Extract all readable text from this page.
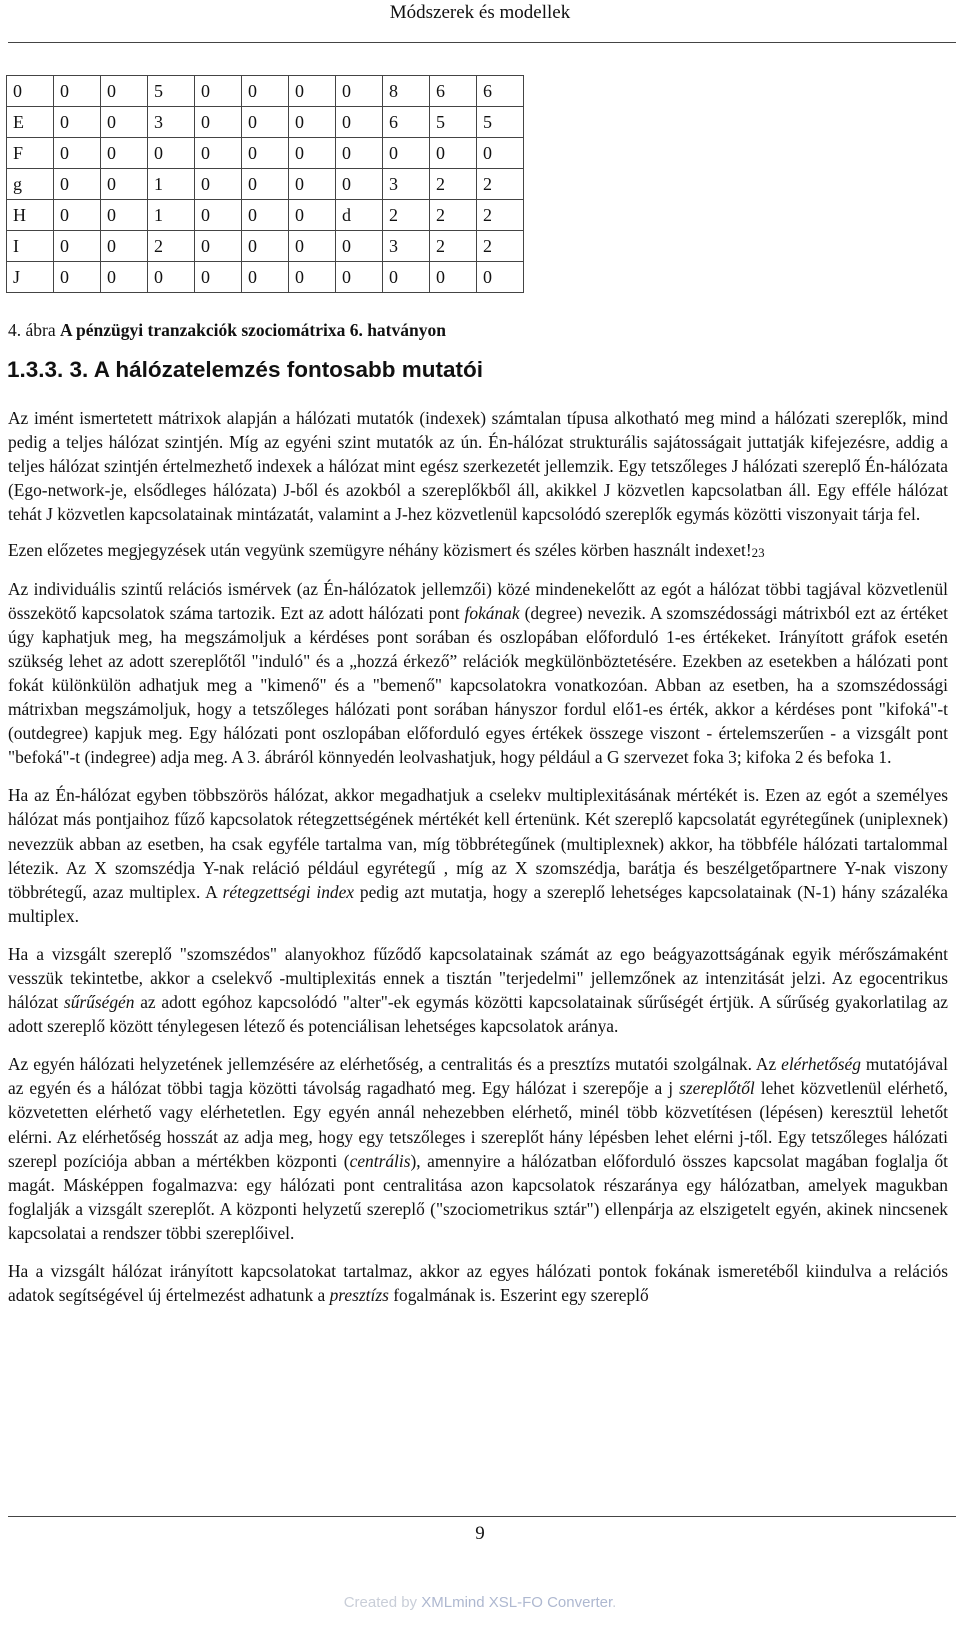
Módszerek és modellek
0	0	0	5	0	0	0	0	8	6	6
E	0	0	3	0	0	0	0	6	5	5
F	0	0	0	0	0	0	0	0	0	0
g	0	0	1	0	0	0	0	3	2	2
H	0	0	1	0	0	0	d	2	2	2
I	0	0	2	0	0	0	0	3	2	2
J	0	0	0	0	0	0	0	0	0	0
4. ábra A pénzügyi tranzakciók szociomátrixa 6. hatványon
1.3.3. 3. A hálózatelemzés fontosabb mutatói

Az imént ismertetett mátrixok alapján a hálózati mutatók (indexek) számtalan típusa alkotható meg mind a hálózati szereplők, mind pedig a teljes hálózat szintjén. Míg az egyéni szint mutatók az ún. Én-hálózat strukturális sajátosságait juttatják kifejezésre, addig a teljes hálózat szintjén értelmezhető indexek a hálózat mint egész szerkezetét jellemzik. Egy tetszőleges J hálózati szereplő Én-hálózata (Ego-network-je, elsődleges hálózata) J-ből és azokból a szereplőkből áll, akikkel J közvetlen kapcsolatban áll. Egy efféle hálózat tehát J közvetlen kapcsolatainak mintázatát, valamint a J-hez közvetlenül kapcsolódó szereplők egymás közötti viszonyait tárja fel.

Ezen előzetes megjegyzések után vegyünk szemügyre néhány közismert és széles körben használt indexet!$^{23}$

Az individuális szintű relációs ismérvek (az Én-hálózatok jellemzői) közé mindenekelőtt az egót a hálózat többi tagjával közvetlenül összekötő kapcsolatok száma tartozik. Ezt az adott hálózati pont fokának (degree) nevezik. A szomszédossági mátrixból ezt az értéket úgy kaphatjuk meg, ha megszámoljuk a kérdéses pont sorában és oszlopában előforduló 1-es értékeket. Irányított gráfok esetén szükség lehet az adott szereplőtől "induló" és a „hozzá érkező” relációk megkülönböztetésére. Ezekben az esetekben a hálózati pont fokát különkülön adhatjuk meg a "kimenő" és a "bemenő" kapcsolatokra vonatkozóan. Abban az esetben, ha a szomszédossági mátrixban megszámoljuk, hogy a tetszőleges hálózati pont sorában hányszor fordul elő1-es érték, akkor a kérdéses pont "kifoká"-t (outdegree) kapjuk meg. Egy hálózati pont oszlopában előforduló egyes értékek összege viszont - értelemszerűen - a vizsgált pont "befoká"-t (indegree) adja meg. A 3. ábráról könnyedén leolvashatjuk, hogy például a G szervezet foka 3; kifoka 2 és befoka 1.

Ha az Én-hálózat egyben többszörös hálózat, akkor megadhatjuk a cselekv multiplexitásának mértékét is. Ezen az egót a személyes hálózat más pontjaihoz fűző kapcsolatok rétegzettségének mértékét kell értenünk. Két szereplő kapcsolatát egyrétegűnek (uniplexnek) nevezzük abban az esetben, ha csak egyféle tartalma van, míg többrétegűnek (multiplexnek) akkor, ha többféle hálózati tartalommal létezik. Az X szomszédja Y-nak reláció például egyrétegű , míg az X szomszédja, barátja és beszélgetőpartnere Y-nak viszony többrétegű, azaz multiplex. A rétegzettségi index pedig azt mutatja, hogy a szereplő lehetséges kapcsolatainak (N-1) hány százaléka multiplex.

Ha a vizsgált szereplő "szomszédos" alanyokhoz fűződő kapcsolatainak számát az ego beágyazottságának egyik mérőszámaként vesszük tekintetbe, akkor a cselekvő -multiplexitás ennek a tisztán "terjedelmi" jellemzőnek az intenzitását jelzi. Az egocentrikus hálózat sűrűségén az adott egóhoz kapcsolódó "alter"-ek egymás közötti kapcsolatainak sűrűségét értjük. A sűrűség gyakorlatilag az adott szereplő között ténylegesen létező és potenciálisan lehetséges kapcsolatok aránya.

Az egyén hálózati helyzetének jellemzésére az elérhetőség, a centralitás és a presztízs mutatói szolgálnak. Az elérhetőség mutatójával az egyén és a hálózat többi tagja közötti távolság ragadható meg. Egy hálózat i szerepője a j szereplőtől lehet közvetlenül elérhető, közvetetten elérhető vagy elérhetetlen. Egy egyén annál nehezebben elérhető, minél több közvetítésen (lépésen) keresztül lehetőt elérni. Az elérhetőség hosszát az adja meg, hogy egy tetszőleges i szereplőt hány lépésben lehet elérni j-től. Egy tetszőleges hálózati szerepl pozíciója abban a mértékben központi (centrális), amennyire a hálózatban előforduló összes kapcsolat magában foglalja őt magát. Másképpen fogalmazva: egy hálózati pont centralitása azon kapcsolatok részaránya egy hálózatban, amelyek magukban foglalják a vizsgált szereplőt. A központi helyzetű szereplő ("szociometrikus sztár") ellenpárja az elszigetelt egyén, akinek nincsenek kapcsolatai a rendszer többi szereplőivel.

Ha a vizsgált hálózat irányított kapcsolatokat tartalmaz, akkor az egyes hálózati pontok fokának ismeretéből kiindulva a relációs adatok segítségével új értelmezést adhatunk a presztízs fogalmának is. Eszerint egy szereplő

9
Created by XMLmind XSL-FO Converter.
